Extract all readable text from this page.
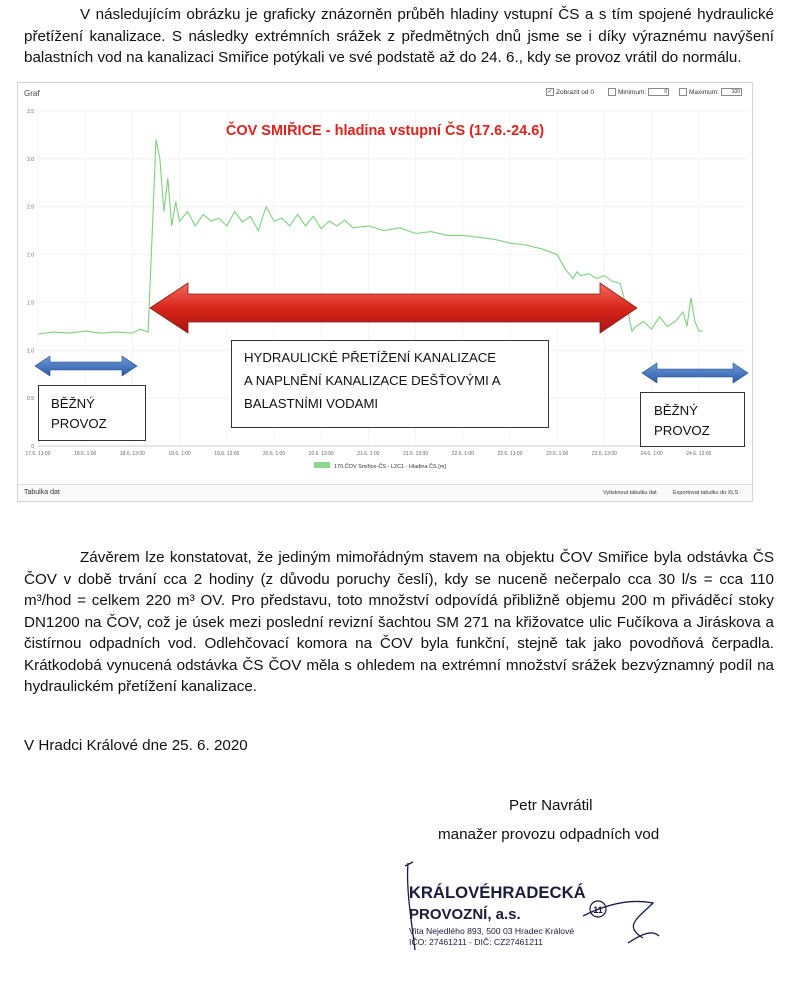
V následujícím obrázku je graficky znázorněn průběh hladiny vstupní ČS a s tím spojené hydraulické přetížení kanalizace. S následky extrémních srážek z předmětných dnů jsme se i díky výraznému navýšení balastních vod na kanalizaci Smiřice potýkali ve své podstatě až do 24. 6., kdy se provoz vrátil do normálu.

Graf	✓ Zobrazit od 0	Minimum:	0	Maximum:	100
0
0.5
1.0
1.5
2.0
2.5
3.0
3.5
17.6. 13:00	18.6. 1:00	18.6. 13:00	19.6. 1:00	19.6. 13:00	20.6. 1:00	20.6. 13:00	21.6. 1:00	21.6. 13:00	22.6. 1:00	22.6. 13:00	23.6. 1:00	23.6. 13:00	24.6. 1:00	24.6. 13:00
ČOV SMIŘICE - hladina vstupní ČS (17.6.-24.6)
170.ČOV Smiřice-ČS - L2C1 - Hladina ČS [m]
Tabulka dat	Vytisknout tabulku dat	Exportovat tabulku do XLS
HYDRAULICKÉ PŘETÍŽENÍ KANALIZACE
A NAPLNĚNÍ KANALIZACE DEŠŤOVÝMI A
BALASTNÍMI VODAMI
BĚŽNÝ
PROVOZ
BĚŽNÝ
PROVOZ

Závěrem lze konstatovat, že jediným mimořádným stavem na objektu ČOV Smiřice byla odstávka ČS ČOV v době trvání cca 2 hodiny (z důvodu poruchy česlí), kdy se nuceně nečerpalo cca 30 l/s = cca 110 m³/hod = celkem 220 m³ OV. Pro představu, toto množství odpovídá přibližně objemu 200 m přiváděcí stoky DN1200 na ČOV, což je úsek mezi poslední revizní šachtou SM 271 na křižovatce ulic Fučíkova a Jiráskova a čistírnou odpadních vod. Odlehčovací komora na ČOV byla funkční, stejně tak jako povodňová čerpadla. Krátkodobá vynucená odstávka ČS ČOV měla s ohledem na extrémní množství srážek bezvýznamný podíl na hydraulickém přetížení kanalizace.

V Hradci Králové dne 25. 6. 2020
Petr Navrátil
manažer provozu odpadních vod
KRÁLOVÉHRADECKÁ
PROVOZNÍ, a.s.	11
Vita Nejedlého 893, 500 03 Hradec Králové
IČO: 27461211 - DIČ: CZ27461211
